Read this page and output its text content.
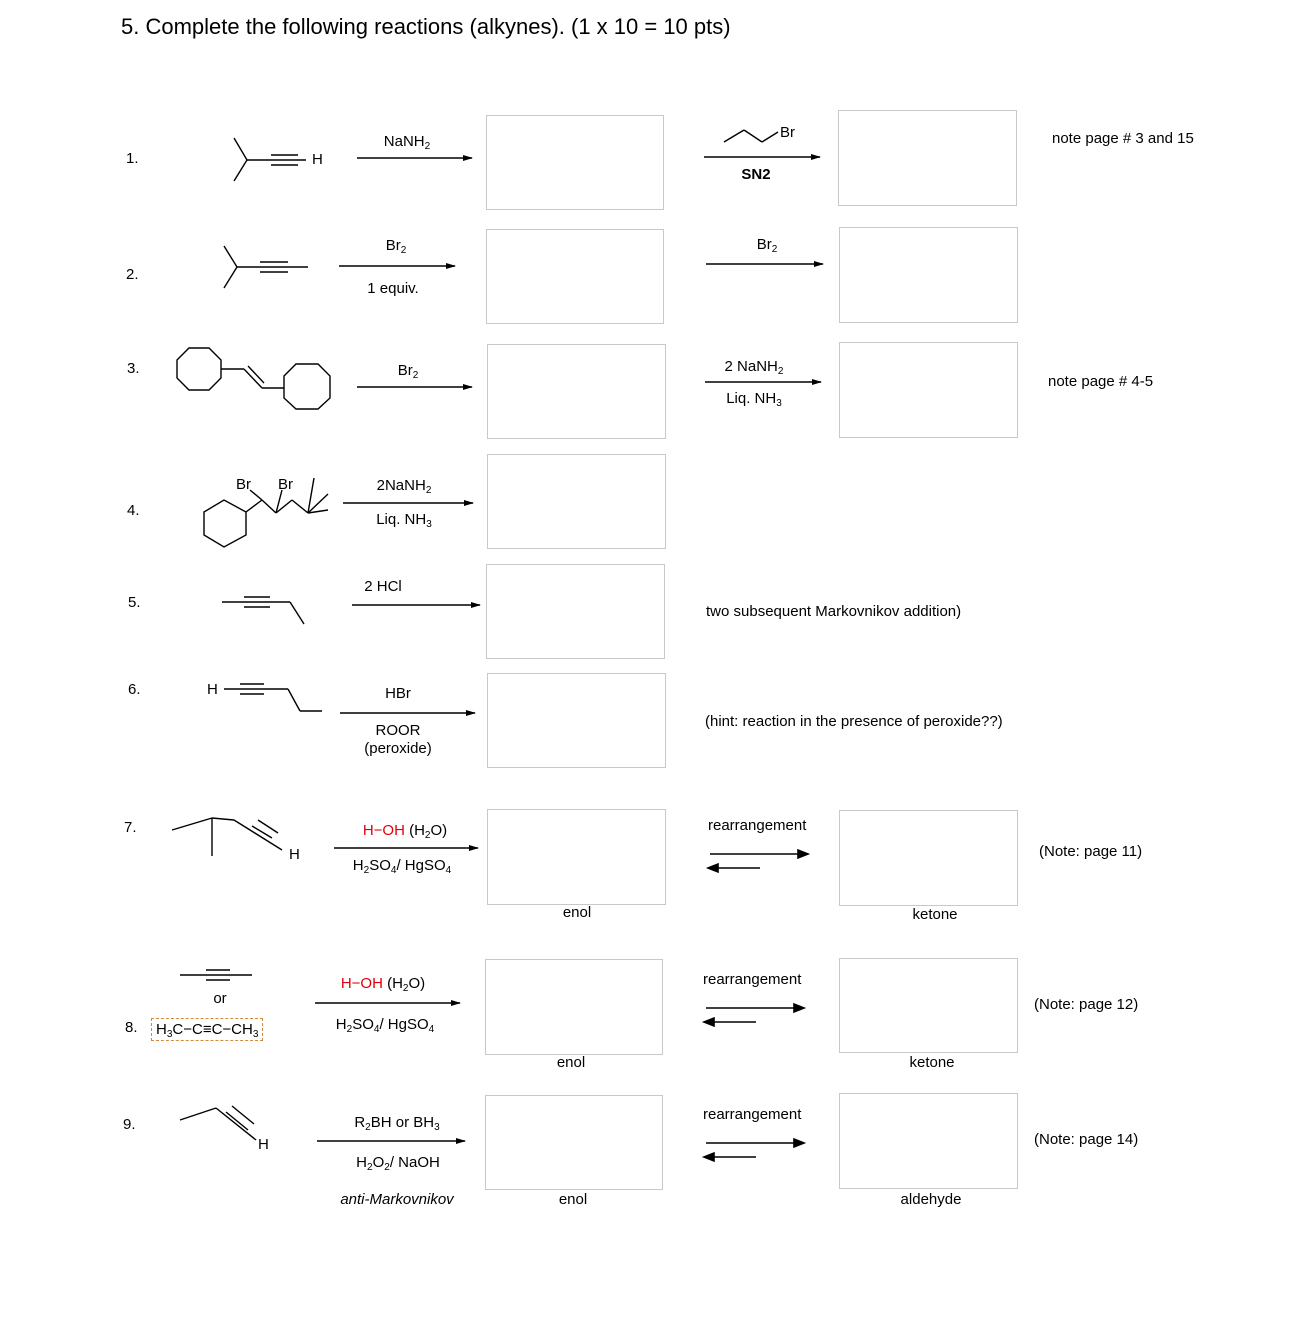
5. Complete the following reactions (alkynes). (1 x 10 = 10 pts)
1.
2.
3.
4.
5.
6.
7.
8.
9.
H
Br Br
H
H
H
NaNH$_2$
Br
SN2
note page # 3 and 15
$Br_2$
1 equiv.
$Br_2$
$Br_2$
2 NaNH$_2$
Liq. $NH_3$
note page # 4-5
2NaNH$_2$
Liq. $NH_3$
2 HCl
two subsequent Markovnikov addition)
HBr
ROOR
(peroxide)
(hint: reaction in the presence of peroxide??)
H−OH $(H_2O)$
$H_2SO_4/$ HgSO$_4$
rearrangement
enol	ketone
(Note: page 11)
or
$H_3C-C\equiv C-CH_3$
H−OH $(H_2O)$
$H_2SO_4/$ HgSO$_4$
rearrangement
enol	ketone
(Note: page 12)
$R_2BH$ or $BH_3$
$H_2O_2/$ NaOH
anti-Markovnikov
rearrangement
enol	aldehyde
(Note: page 14)
